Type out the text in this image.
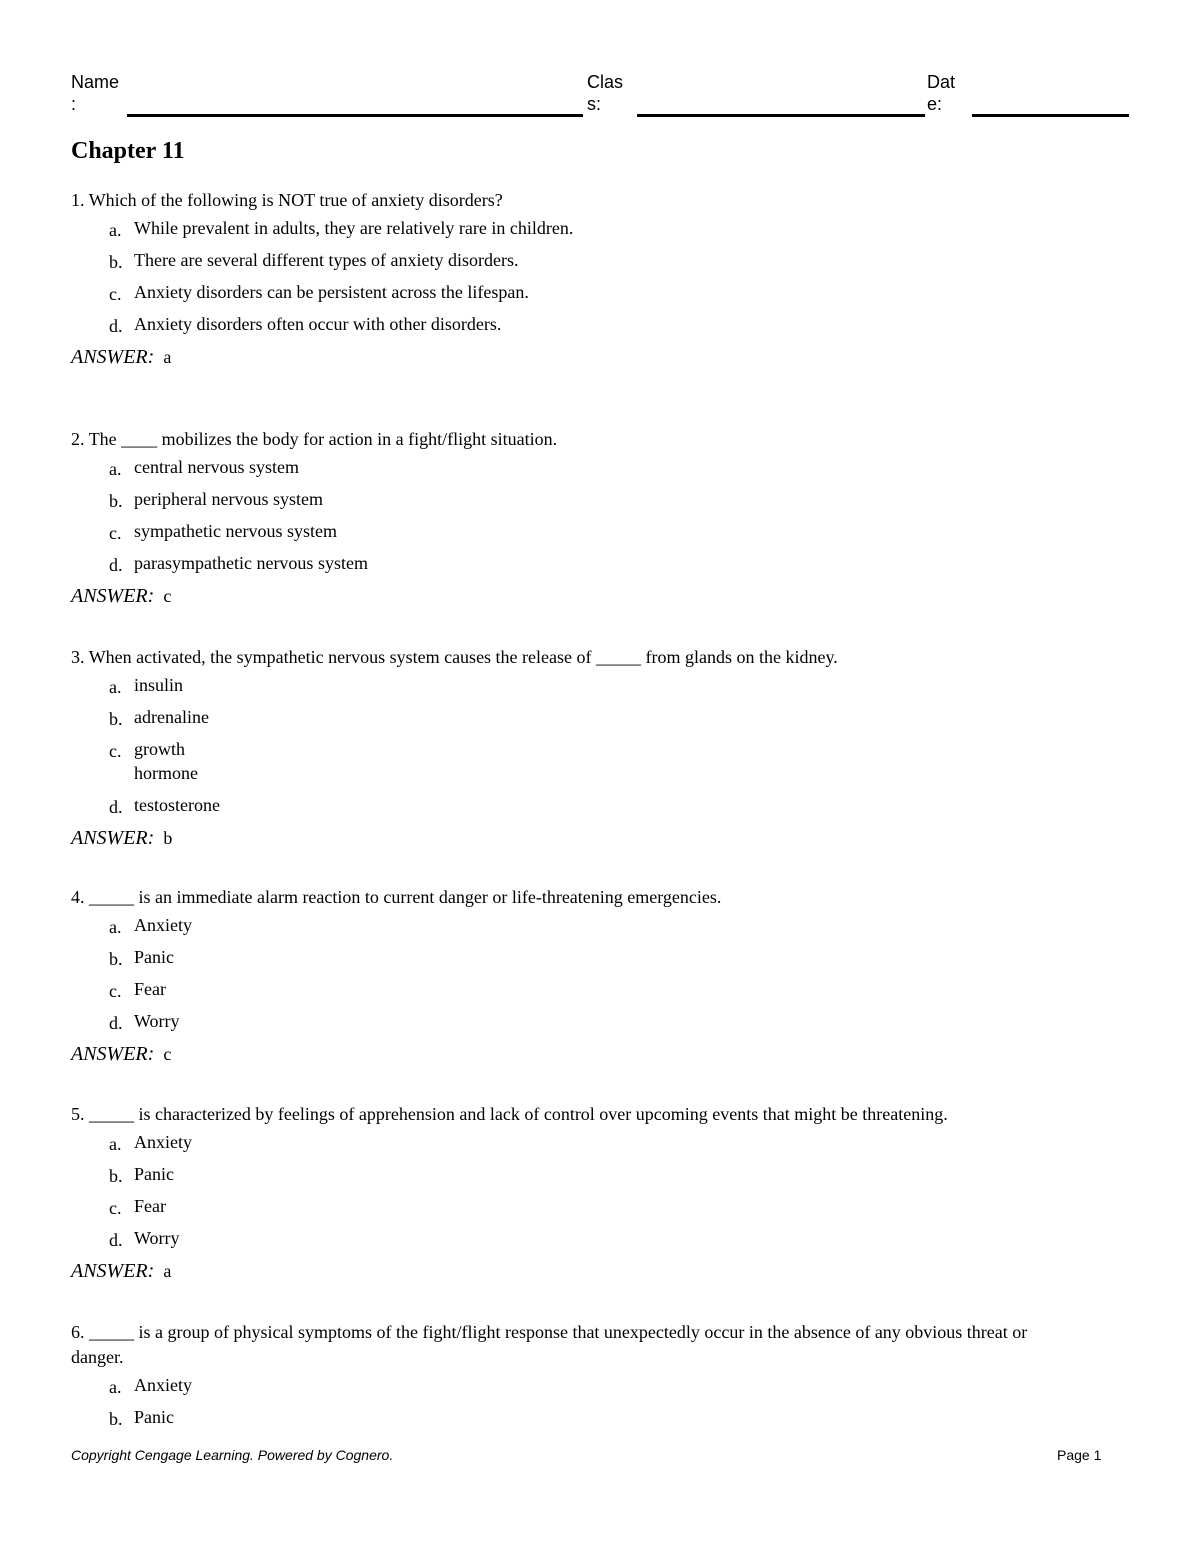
Name
:
Clas
s:
Dat
e:
Chapter 11
1. Which of the following is NOT true of anxiety disorders?
a. While prevalent in adults, they are relatively rare in children.
b. There are several different types of anxiety disorders.
c. Anxiety disorders can be persistent across the lifespan.
d. Anxiety disorders often occur with other disorders.
ANSWER: a
2. The ____ mobilizes the body for action in a fight/flight situation.
a. central nervous system
b. peripheral nervous system
c. sympathetic nervous system
d. parasympathetic nervous system
ANSWER: c
3. When activated, the sympathetic nervous system causes the release of _____ from glands on the kidney.
a. insulin
b. adrenaline
c. growth hormone
d. testosterone
ANSWER: b
4. _____ is an immediate alarm reaction to current danger or life-threatening emergencies.
a. Anxiety
b. Panic
c. Fear
d. Worry
ANSWER: c
5. _____ is characterized by feelings of apprehension and lack of control over upcoming events that might be threatening.
a. Anxiety
b. Panic
c. Fear
d. Worry
ANSWER: a
6. _____ is a group of physical symptoms of the fight/flight response that unexpectedly occur in the absence of any obvious threat or danger.
a. Anxiety
b. Panic
Copyright Cengage Learning. Powered by Cognero.	Page 1
